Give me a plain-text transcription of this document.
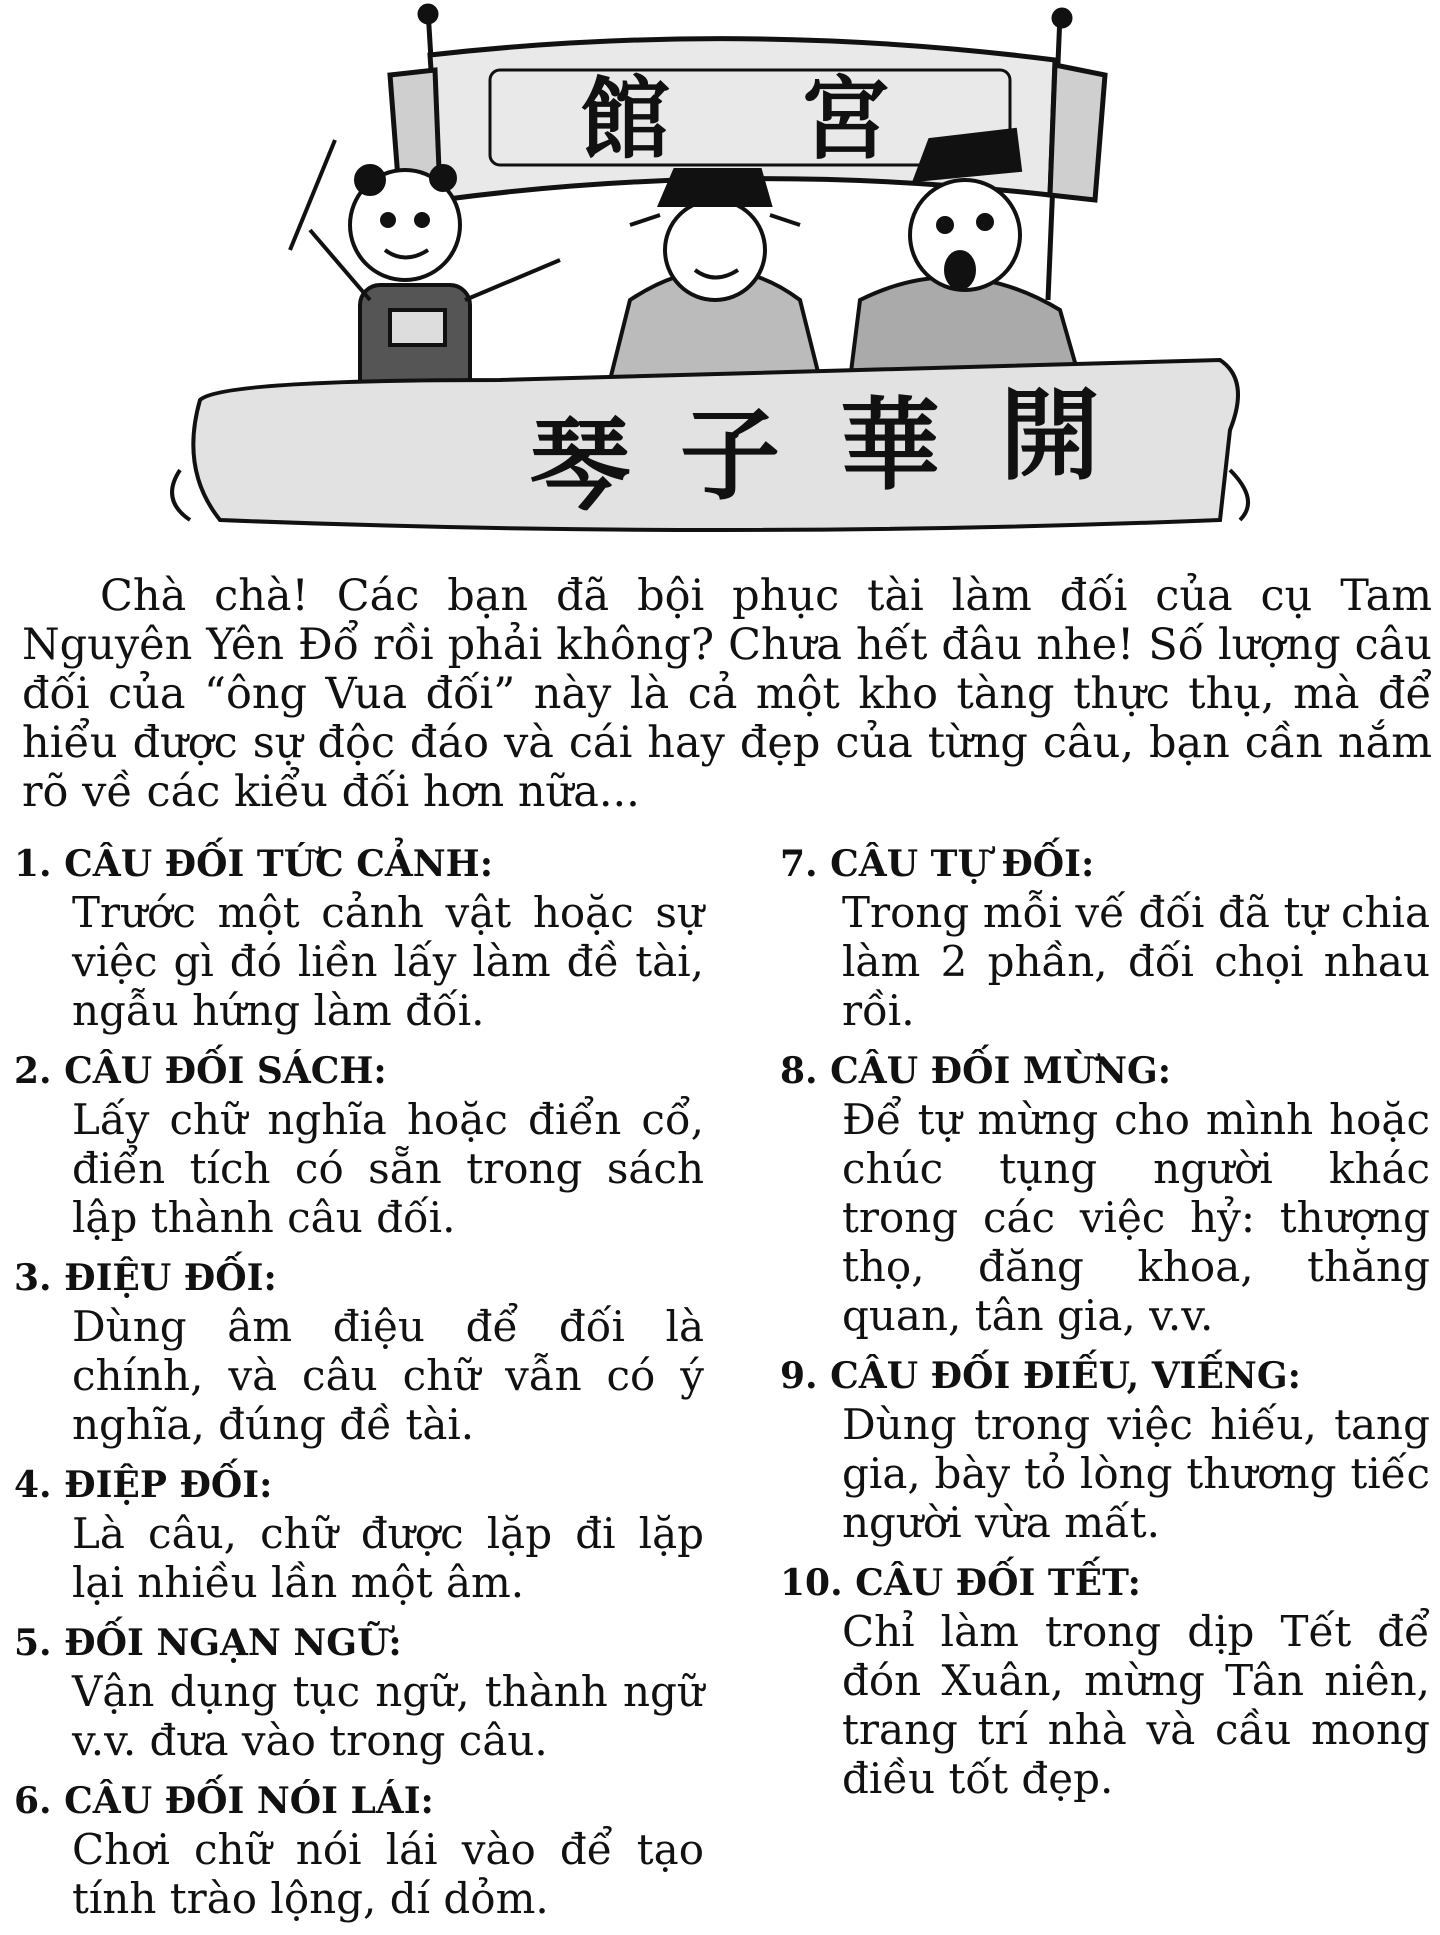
館 宮
琴 子 華 開

Chà chà! Các bạn đã bội phục tài làm đối của cụ Tam Nguyên Yên Đổ rồi phải không? Chưa hết đâu nhe! Số lượng câu đối của “ông Vua đối” này là cả một kho tàng thực thụ, mà để hiểu được sự độc đáo và cái hay đẹp của từng câu, bạn cần nắm rõ về các kiểu đối hơn nữa...

1. CÂU ĐỐI TỨC CẢNH:

Trước một cảnh vật hoặc sự việc gì đó liền lấy làm đề tài, ngẫu hứng làm đối.

2. CÂU ĐỐI SÁCH:

Lấy chữ nghĩa hoặc điển cổ, điển tích có sẵn trong sách lập thành câu đối.

3. ĐIỆU ĐỐI:

Dùng âm điệu để đối là chính, và câu chữ vẫn có ý nghĩa, đúng đề tài.

4. ĐIỆP ĐỐI:

Là câu, chữ được lặp đi lặp lại nhiều lần một âm.

5. ĐỐI NGẠN NGỮ:

Vận dụng tục ngữ, thành ngữ v.v. đưa vào trong câu.

6. CÂU ĐỐI NÓI LÁI:

Chơi chữ nói lái vào để tạo tính trào lộng, dí dỏm.

7. CÂU TỰ ĐỐI:

Trong mỗi vế đối đã tự chia làm 2 phần, đối chọi nhau rồi.

8. CÂU ĐỐI MỪNG:

Để tự mừng cho mình hoặc chúc tụng người khác trong các việc hỷ: thượng thọ, đăng khoa, thăng quan, tân gia, v.v.

9. CÂU ĐỐI ĐIẾU, VIẾNG:

Dùng trong việc hiếu, tang gia, bày tỏ lòng thương tiếc người vừa mất.

10. CÂU ĐỐI TẾT:

Chỉ làm trong dịp Tết để đón Xuân, mừng Tân niên, trang trí nhà và cầu mong điều tốt đẹp.
